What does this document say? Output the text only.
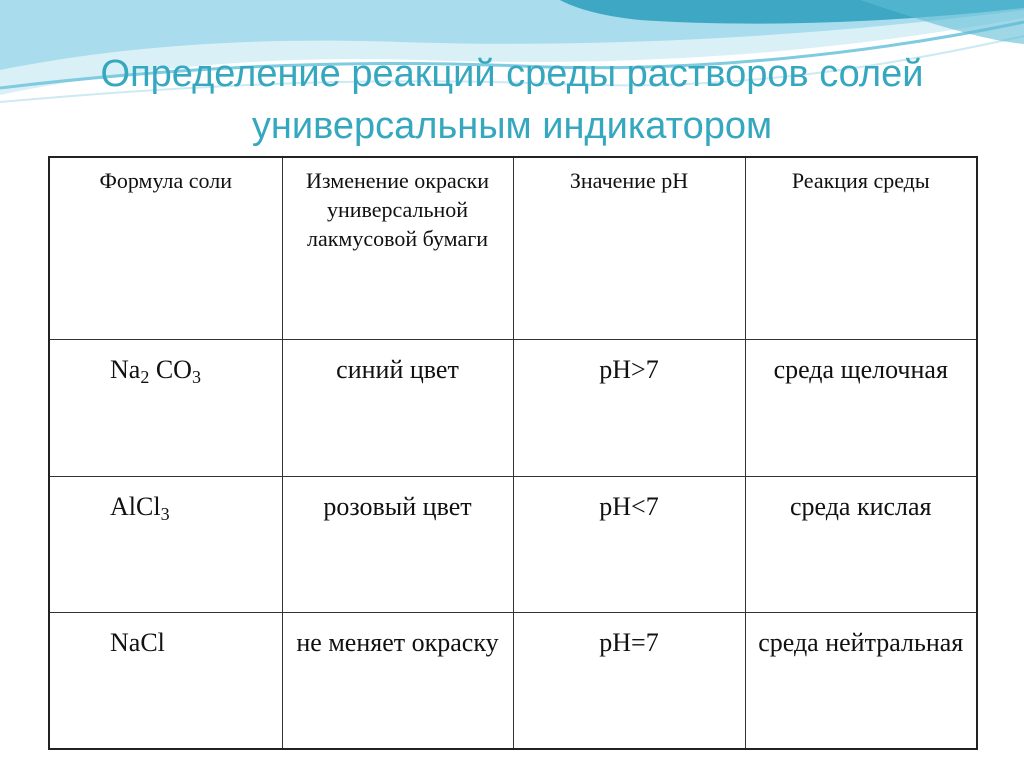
Определение реакций среды растворов солей
универсальным индикатором
Формула соли	Изменение окраски универсальной лакмусовой бумаги	Значение pH	Реакция среды
$Na_2$ $CO_3$	синий цвет	pH>7	среда щелочная
AlCl$_3$	розовый цвет	pH<7	среда кислая
NaCl	не меняет окраску	pH=7	среда нейтральная
